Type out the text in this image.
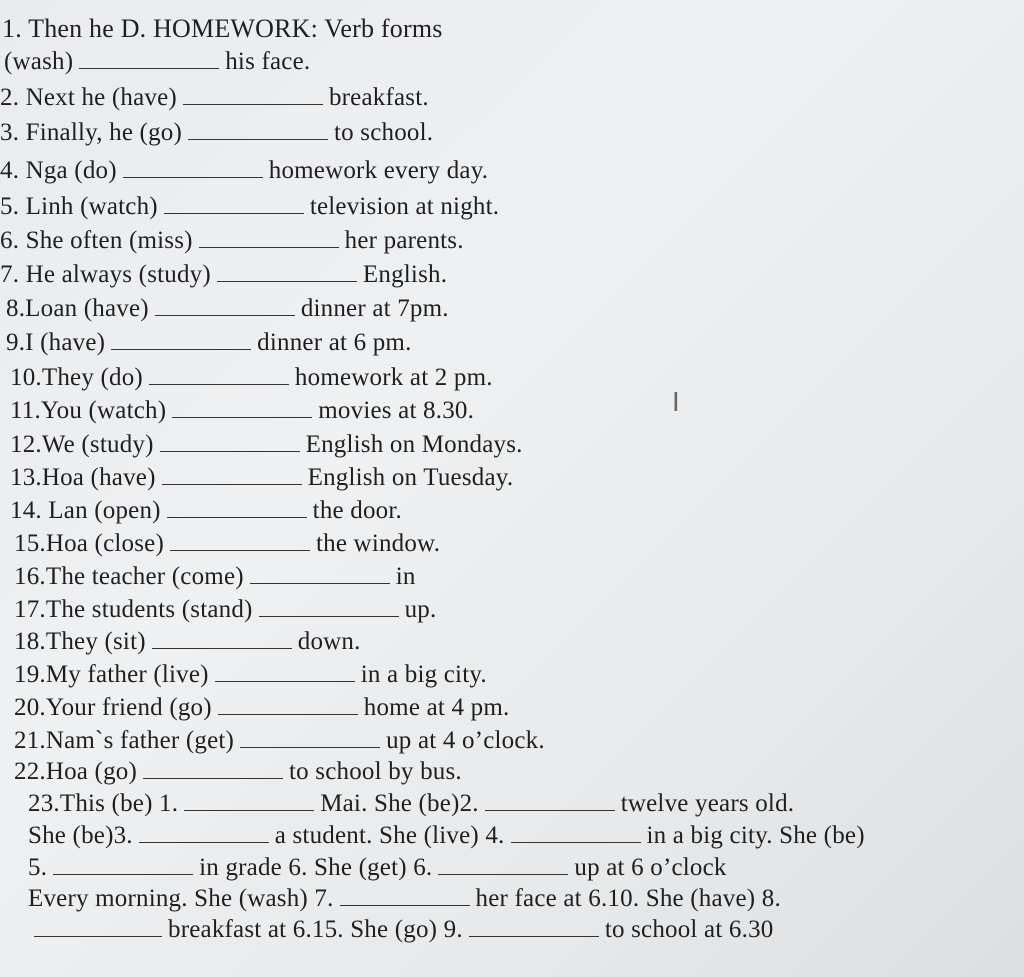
1. Then he D. HOMEWORK: Verb forms
(wash)	his face.
2. Next he (have)	breakfast.
3. Finally, he (go)	to school.
4. Nga (do)	homework every day.
5. Linh (watch)	television at night.
6. She often (miss)	her parents.
7. He always (study)	English.
8.Loan (have)	dinner at 7pm.
9.I (have)	dinner at 6 pm.
10.They (do)	homework at 2 pm.
11.You (watch)	movies at 8.30.
12.We (study)	English on Mondays.
13.Hoa (have)	English on Tuesday.
14. Lan (open)	the door.
15.Hoa (close)	the window.
16.The teacher (come)	in
17.The students (stand)	up.
18.They (sit)	down.
19.My father (live)	in a big city.
20.Your friend (go)	home at 4 pm.
21.Nam`s father (get)	up at 4 o’clock.
22.Hoa (go)	to school by bus.
23.This (be) 1.	Mai. She (be)2.	twelve years old.
She (be)3.	a student. She (live) 4.	in a big city. She (be)
5.	in grade 6. She (get) 6.	up at 6 o’clock
Every morning. She (wash) 7.	her face at 6.10. She (have) 8.
breakfast at 6.15. She (go) 9.	to school at 6.30
I
